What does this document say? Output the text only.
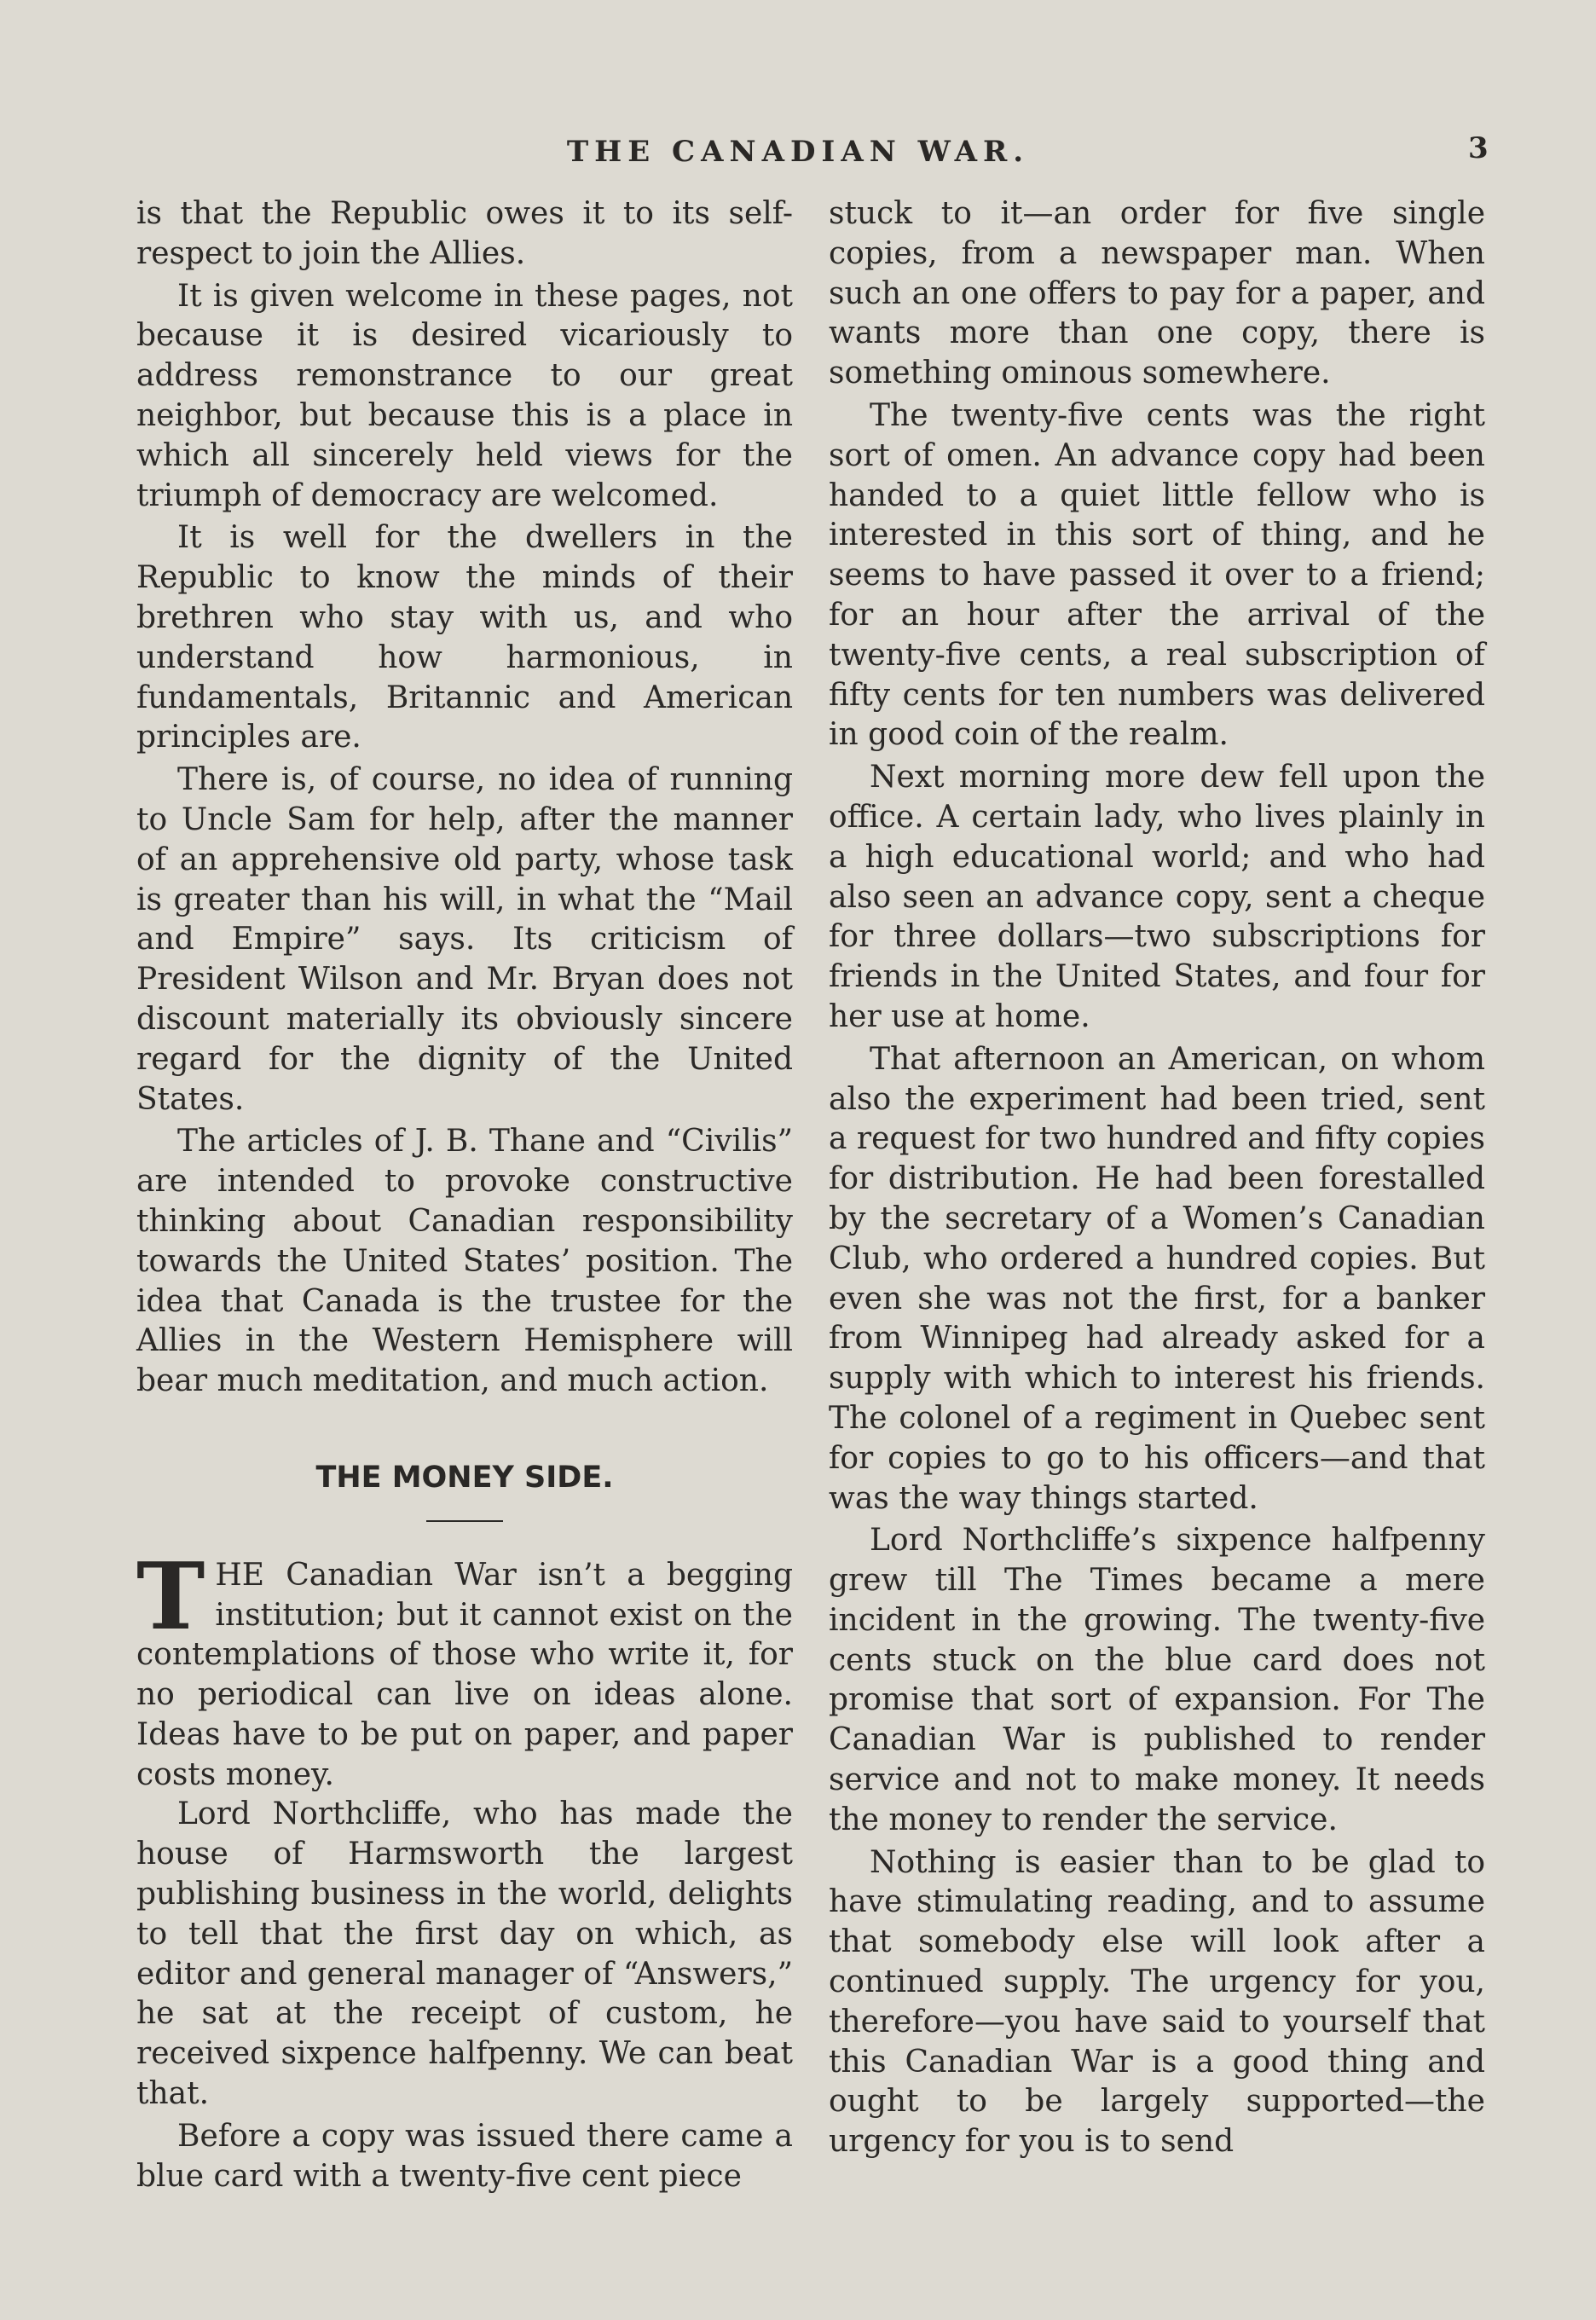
THE CANADIAN WAR.	3

is that the Republic owes it to its self-respect to join the Allies.

It is given welcome in these pages, not because it is desired vicariously to address remonstrance to our great neighbor, but because this is a place in which all sincerely held views for the triumph of democracy are welcomed.

It is well for the dwellers in the Republic to know the minds of their brethren who stay with us, and who understand how harmonious, in fundamentals, Britannic and American principles are.

There is, of course, no idea of running to Uncle Sam for help, after the manner of an apprehensive old party, whose task is greater than his will, in what the “Mail and Empire” says. Its criticism of President Wilson and Mr. Bryan does not discount materially its obviously sincere regard for the dignity of the United States.

The articles of J. B. Thane and “Civilis” are intended to provoke constructive thinking about Canadian responsibility towards the United States’ position. The idea that Canada is the trustee for the Allies in the Western Hemisphere will bear much meditation, and much action.

THE MONEY SIDE.

THE Canadian War isn’t a begging institution; but it cannot exist on the contemplations of those who write it, for no periodical can live on ideas alone. Ideas have to be put on paper, and paper costs money.

Lord Northcliffe, who has made the house of Harmsworth the largest publishing business in the world, delights to tell that the first day on which, as editor and general manager of “Answers,” he sat at the receipt of custom, he received sixpence halfpenny. We can beat that.

Before a copy was issued there came a blue card with a twenty-five cent piece

stuck to it—an order for five single copies, from a newspaper man. When such an one offers to pay for a paper, and wants more than one copy, there is something ominous somewhere.

The twenty-five cents was the right sort of omen. An advance copy had been handed to a quiet little fellow who is interested in this sort of thing, and he seems to have passed it over to a friend; for an hour after the arrival of the twenty-five cents, a real subscription of fifty cents for ten numbers was delivered in good coin of the realm.

Next morning more dew fell upon the office. A certain lady, who lives plainly in a high educational world; and who had also seen an advance copy, sent a cheque for three dollars—two subscriptions for friends in the United States, and four for her use at home.

That afternoon an American, on whom also the experiment had been tried, sent a request for two hundred and fifty copies for distribution. He had been forestalled by the secretary of a Women’s Canadian Club, who ordered a hundred copies. But even she was not the first, for a banker from Winnipeg had already asked for a supply with which to interest his friends. The colonel of a regiment in Quebec sent for copies to go to his officers—and that was the way things started.

Lord Northcliffe’s sixpence halfpenny grew till The Times became a mere incident in the growing. The twenty-five cents stuck on the blue card does not promise that sort of expansion. For The Canadian War is published to render service and not to make money. It needs the money to render the service.

Nothing is easier than to be glad to have stimulating reading, and to assume that somebody else will look after a continued supply. The urgency for you, therefore—you have said to yourself that this Canadian War is a good thing and ought to be largely supported—the urgency for you is to send
